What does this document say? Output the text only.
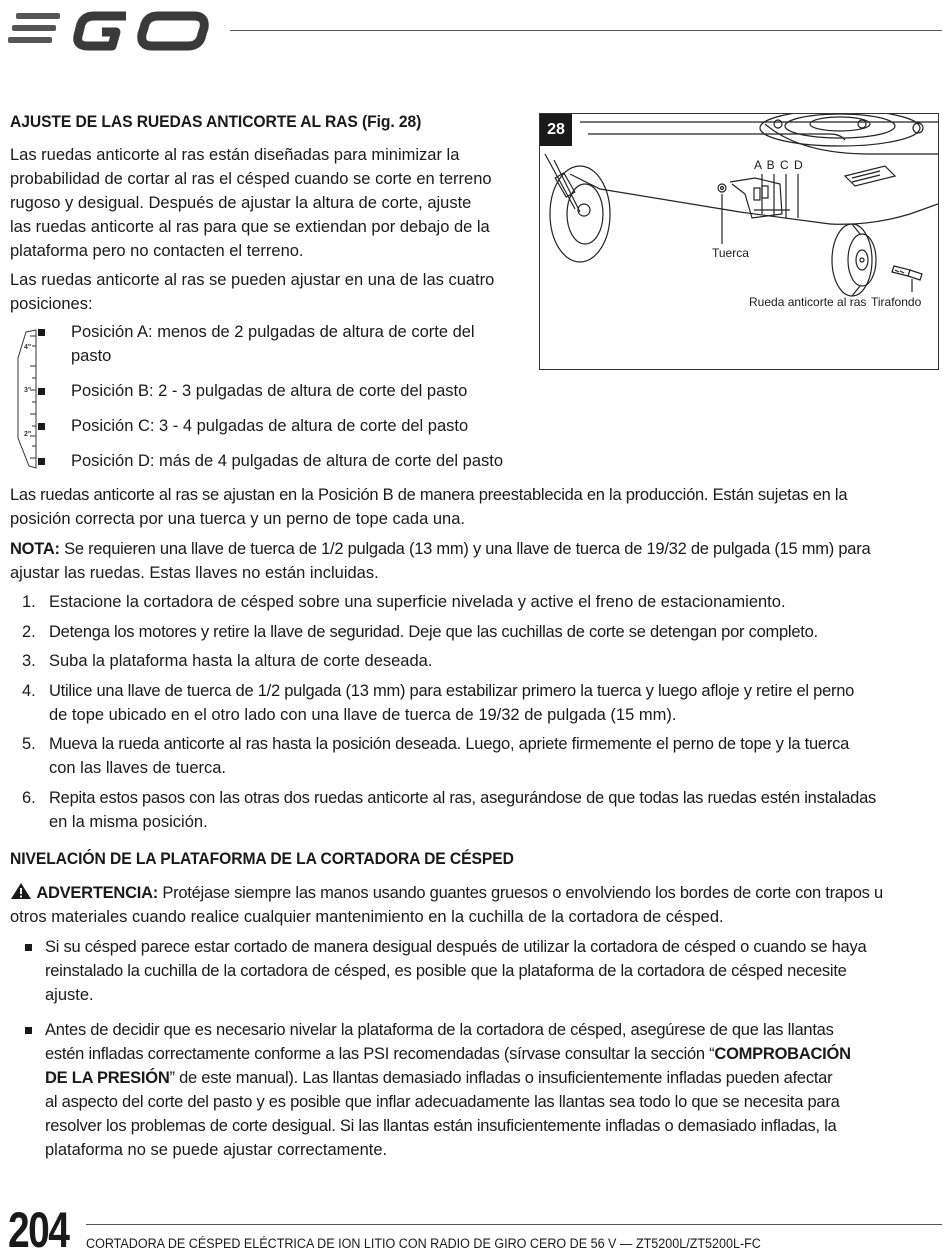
AJUSTE DE LAS RUEDAS ANTICORTE AL RAS (Fig. 28)
Las ruedas anticorte al ras están diseñadas para minimizar la
probabilidad de cortar al ras el césped cuando se corte en terreno
rugoso y desigual. Después de ajustar la altura de corte, ajuste
las ruedas anticorte al ras para que se extiendan por debajo de la
plataforma pero no contacten el terreno.
Las ruedas anticorte al ras se pueden ajustar en una de las cuatro
posiciones:
4"
3"
2"
Posición A: menos de 2 pulgadas de altura de corte del
pasto
Posición B: 2 - 3 pulgadas de altura de corte del pasto
Posición C: 3 - 4 pulgadas de altura de corte del pasto
Posición D: más de 4 pulgadas de altura de corte del pasto
28
A B C D
Tuerca
Rueda anticorte al ras Tirafondo
Las ruedas anticorte al ras se ajustan en la Posición B de manera preestablecida en la producción. Están sujetas en la
posición correcta por una tuerca y un perno de tope cada una.
NOTA: Se requieren una llave de tuerca de 1/2 pulgada (13 mm) y una llave de tuerca de 19/32 de pulgada (15 mm) para
ajustar las ruedas. Estas llaves no están incluidas.
1. Estacione la cortadora de césped sobre una superficie nivelada y active el freno de estacionamiento.
2. Detenga los motores y retire la llave de seguridad. Deje que las cuchillas de corte se detengan por completo.
3. Suba la plataforma hasta la altura de corte deseada.
4. Utilice una llave de tuerca de 1/2 pulgada (13 mm) para estabilizar primero la tuerca y luego afloje y retire el perno
de tope ubicado en el otro lado con una llave de tuerca de 19/32 de pulgada (15 mm).
5. Mueva la rueda anticorte al ras hasta la posición deseada. Luego, apriete firmemente el perno de tope y la tuerca
con las llaves de tuerca.
6. Repita estos pasos con las otras dos ruedas anticorte al ras, asegurándose de que todas las ruedas estén instaladas
en la misma posición.
NIVELACIÓN DE LA PLATAFORMA DE LA CORTADORA DE CÉSPED
ADVERTENCIA: Protéjase siempre las manos usando guantes gruesos o envolviendo los bordes de corte con trapos u
otros materiales cuando realice cualquier mantenimiento en la cuchilla de la cortadora de césped.
Si su césped parece estar cortado de manera desigual después de utilizar la cortadora de césped o cuando se haya
reinstalado la cuchilla de la cortadora de césped, es posible que la plataforma de la cortadora de césped necesite
ajuste.
Antes de decidir que es necesario nivelar la plataforma de la cortadora de césped, asegúrese de que las llantas
estén infladas correctamente conforme a las PSI recomendadas (sírvase consultar la sección “COMPROBACIÓN
DE LA PRESIÓN” de este manual). Las llantas demasiado infladas o insuficientemente infladas pueden afectar
al aspecto del corte del pasto y es posible que inflar adecuadamente las llantas sea todo lo que se necesita para
resolver los problemas de corte desigual. Si las llantas están insuficientemente infladas o demasiado infladas, la
plataforma no se puede ajustar correctamente.
204 CORTADORA DE CÉSPED ELÉCTRICA DE ION LITIO CON RADIO DE GIRO CERO DE 56 V — ZT5200L/ZT5200L-FC
